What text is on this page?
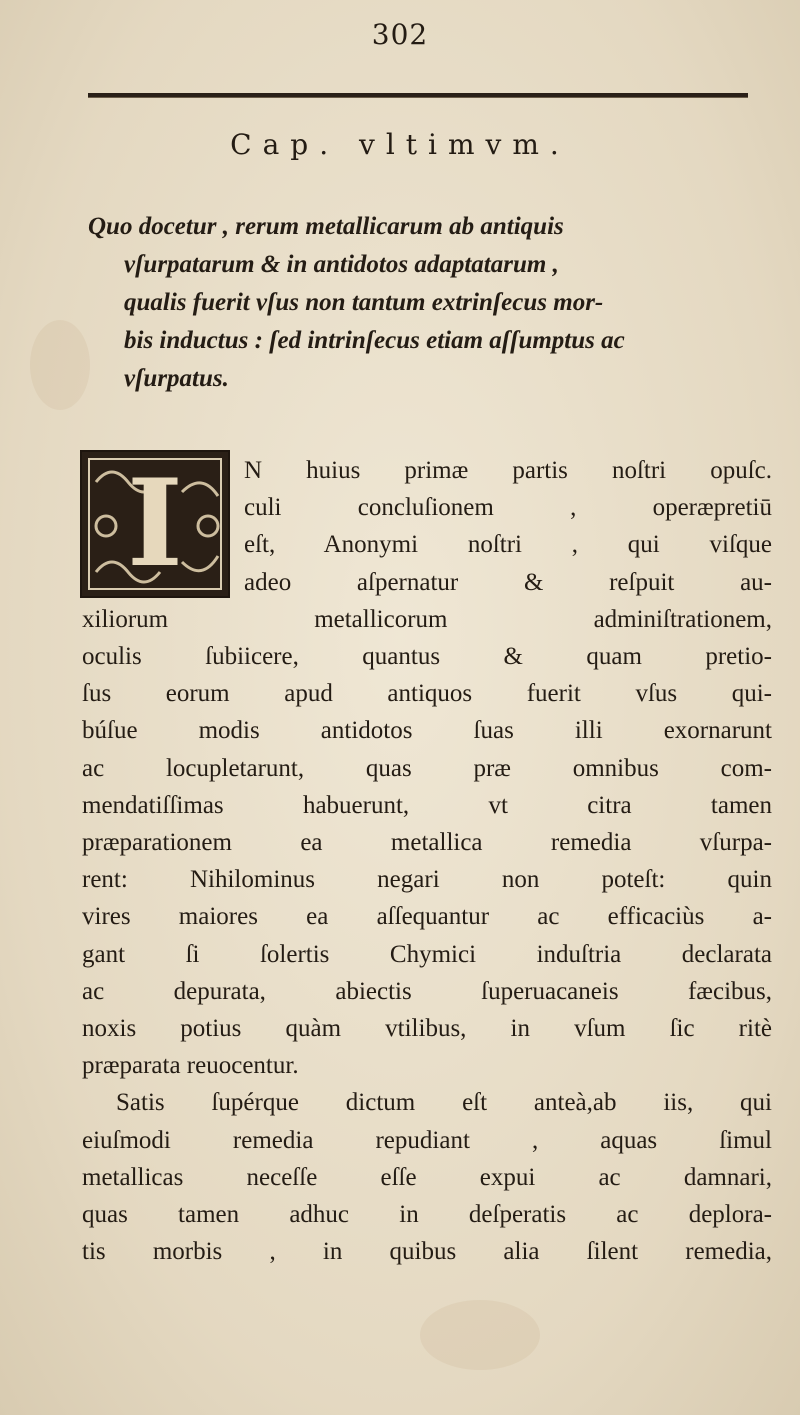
302
Cap. vltimvm.
Quo docetur , rerum metallicarum ab antiquis
vſurpatarum & in antidotos adaptatarum ,
qualis fuerit vſus non tantum extrinſecus mor-
bis inductus : ſed intrinſecus etiam aſſumptus ac
vſurpatus.
I	N huius primæ partis noſtri opuſc.
culi concluſionem , operæpretiū
eſt, Anonymi noſtri , qui viſque
adeo aſpernatur & reſpuit au-
xiliorum metallicorum adminiſtrationem,
oculis ſubiicere, quantus & quam pretio-
ſus eorum apud antiquos fuerit vſus qui-
búſue modis antidotos ſuas illi exornarunt
ac locupletarunt, quas præ omnibus com-
mendatiſſimas habuerunt, vt citra tamen
præparationem ea metallica remedia vſurpa-
rent: Nihilominus negari non poteſt: quin
vires maiores ea aſſequantur ac efficaciùs a-
gant ſi ſolertis Chymici induſtria declarata
ac depurata, abiectis ſuperuacaneis fæcibus,
noxis potius quàm vtilibus, in vſum ſic ritè
præparata reuocentur.
Satis ſupérque dictum eſt anteà,ab iis, qui
eiuſmodi remedia repudiant , aquas ſimul
metallicas neceſſe eſſe expui ac damnari,
quas tamen adhuc in deſperatis ac deplora-
tis morbis , in quibus alia ſilent remedia,
